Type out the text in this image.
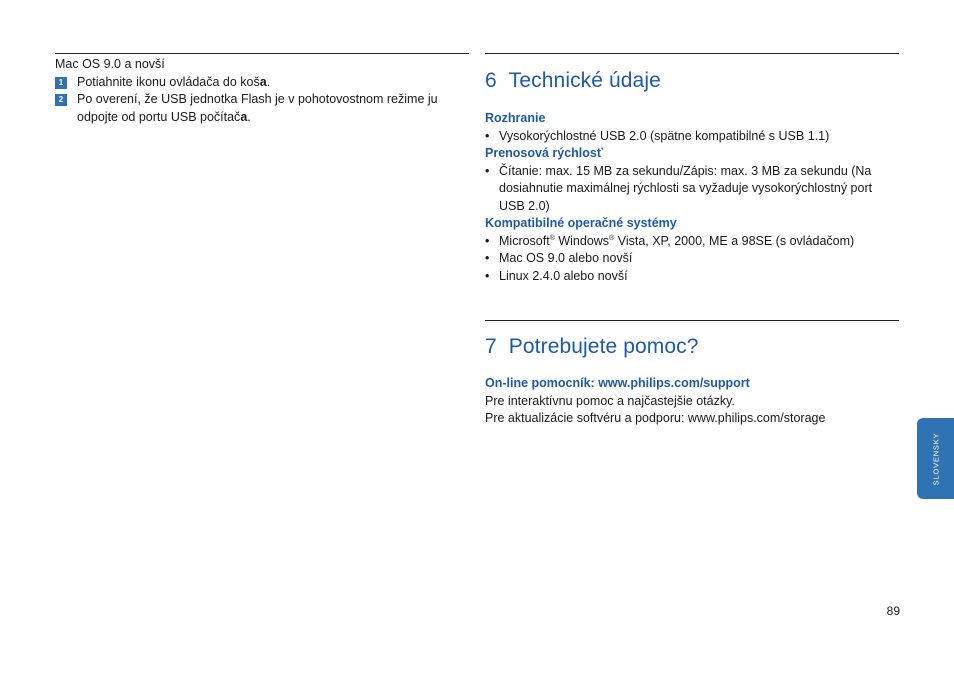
Mac OS 9.0 a novší
1	Potiahnite ikonu ovládača do koša.
2	Po overení, že USB jednotka Flash je v pohotovostnom režime ju odpojte od portu USB počítača.
6 Technické údaje
Rozhranie
• Vysokorýchlostné USB 2.0 (spätne kompatibilné s USB 1.1)
Prenosová rýchlosť
• Čítanie: max. 15 MB za sekundu/Zápis: max. 3 MB za sekundu (Na dosiahnutie maximálnej rýchlosti sa vyžaduje vysokorýchlostný port USB 2.0)
Kompatibilné operačné systémy
• Microsoft® Windows® Vista, XP, 2000, ME a 98SE (s ovládačom)
• Mac OS 9.0 alebo novší
• Linux 2.4.0 alebo novší
7 Potrebujete pomoc?
On-line pomocník: www.philips.com/support
Pre interaktívnu pomoc a najčastejšie otázky.
Pre aktualizácie softvéru a podporu: www.philips.com/storage
SLOVENSKY
89
